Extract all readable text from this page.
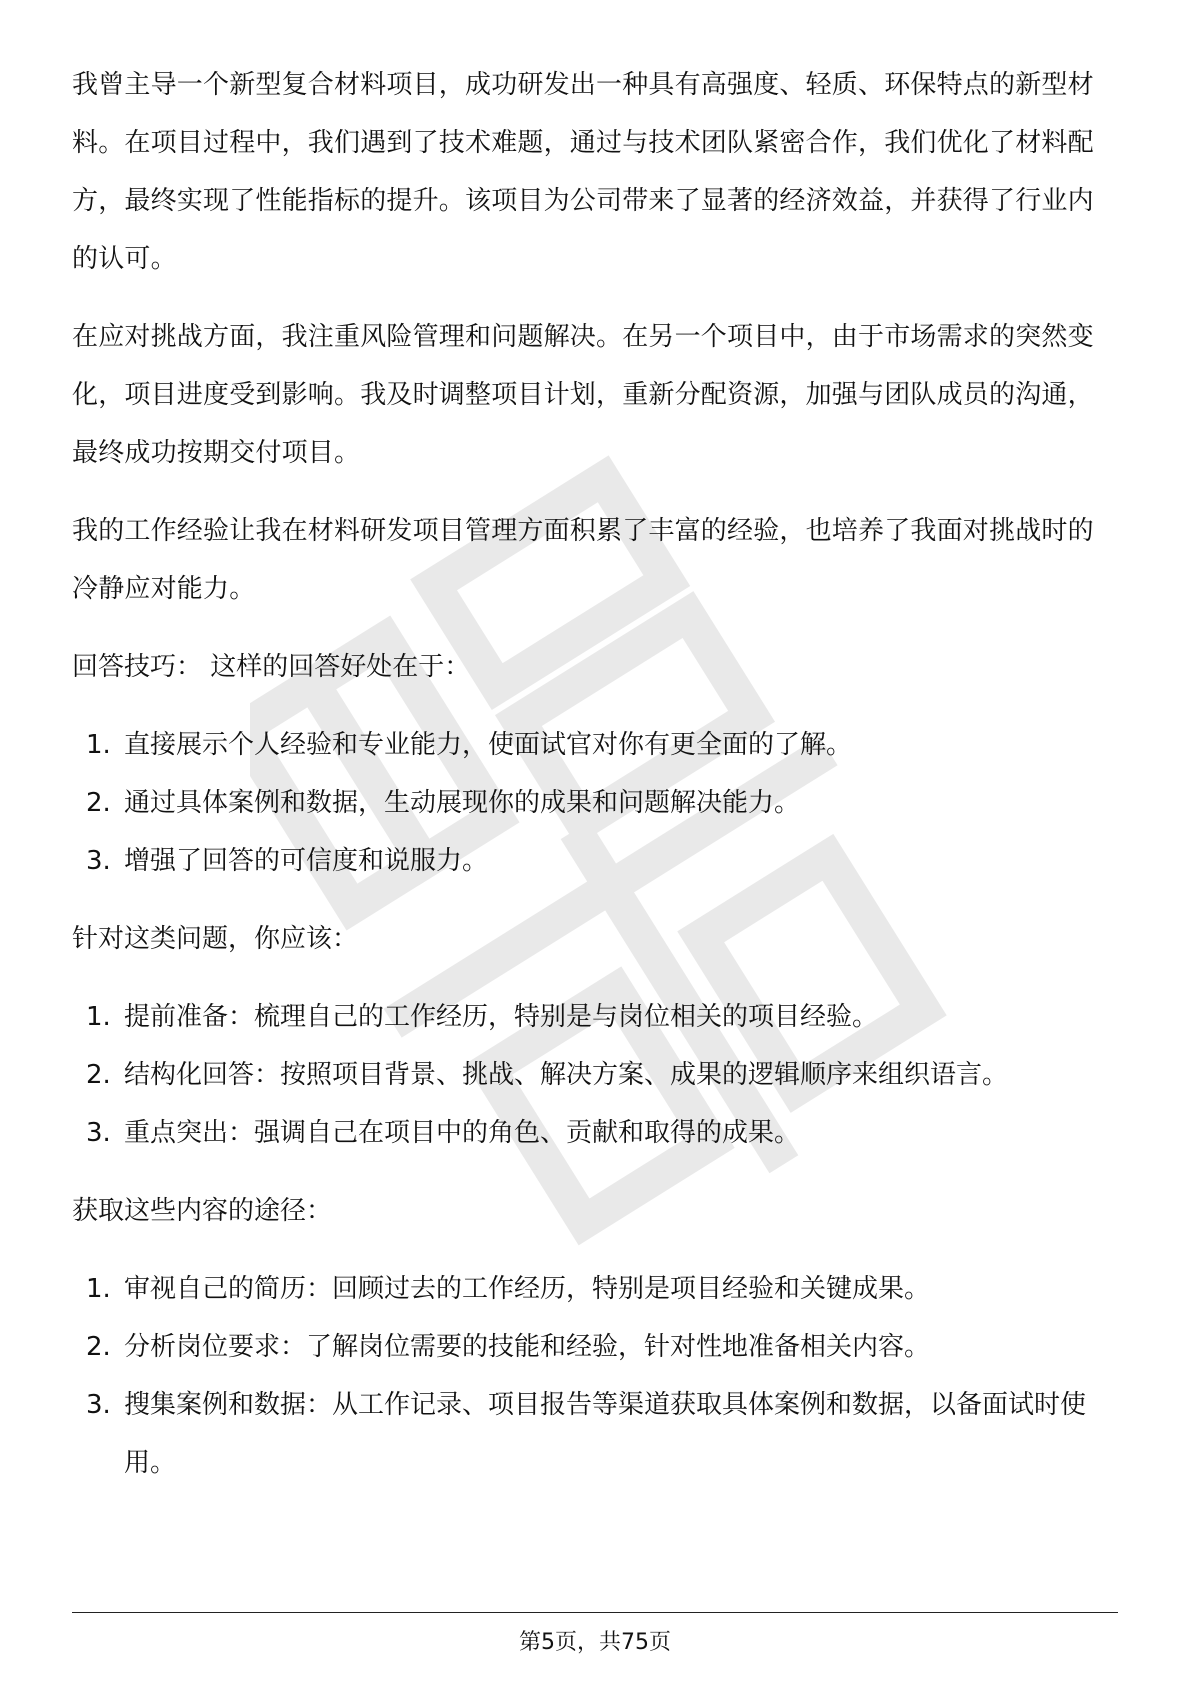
我曾主导一个新型复合材料项目，成功研发出一种具有高强度、轻质、环保特点的新型材料。在项目过程中，我们遇到了技术难题，通过与技术团队紧密合作，我们优化了材料配方，最终实现了性能指标的提升。该项目为公司带来了显著的经济效益，并获得了行业内的认可。

在应对挑战方面，我注重风险管理和问题解决。在另一个项目中，由于市场需求的突然变化，项目进度受到影响。我及时调整项目计划，重新分配资源，加强与团队成员的沟通，最终成功按期交付项目。

我的工作经验让我在材料研发项目管理方面积累了丰富的经验，也培养了我面对挑战时的冷静应对能力。

回答技巧： 这样的回答好处在于：

1. 直接展示个人经验和专业能力，使面试官对你有更全面的了解。
2. 通过具体案例和数据，生动展现你的成果和问题解决能力。
3. 增强了回答的可信度和说服力。

针对这类问题，你应该：

1. 提前准备：梳理自己的工作经历，特别是与岗位相关的项目经验。
2. 结构化回答：按照项目背景、挑战、解决方案、成果的逻辑顺序来组织语言。
3. 重点突出：强调自己在项目中的角色、贡献和取得的成果。

获取这些内容的途径：

1. 审视自己的简历：回顾过去的工作经历，特别是项目经验和关键成果。
2. 分析岗位要求：了解岗位需要的技能和经验，针对性地准备相关内容。
3. 搜集案例和数据：从工作记录、项目报告等渠道获取具体案例和数据，以备面试时使用。
第5页，共75页
